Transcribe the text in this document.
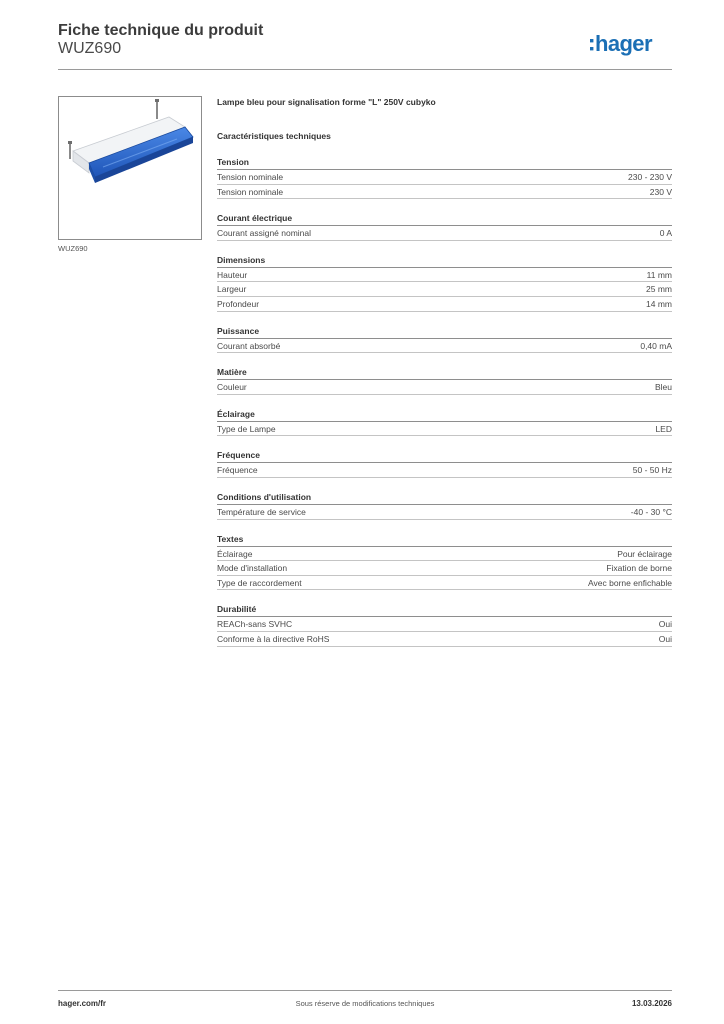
Fiche technique du produit
WUZ690	hager
WUZ690
Lampe bleu pour signalisation forme "L" 250V cubyko
Caractéristiques techniques
Tension
Tension nominale	230 - 230 V
Tension nominale	230 V
Courant électrique
Courant assigné nominal	0 A
Dimensions
Hauteur	11 mm
Largeur	25 mm
Profondeur	14 mm
Puissance
Courant absorbé	0,40 mA
Matière
Couleur	Bleu
Éclairage
Type de Lampe	LED
Fréquence
Fréquence	50 - 50 Hz
Conditions d'utilisation
Température de service	-40 - 30 °C
Textes
Éclairage	Pour éclairage
Mode d'installation	Fixation de borne
Type de raccordement	Avec borne enfichable
Durabilité
REACh-sans SVHC	Oui
Conforme à la directive RoHS	Oui
hager.com/fr	Sous réserve de modifications techniques	13.03.2026
